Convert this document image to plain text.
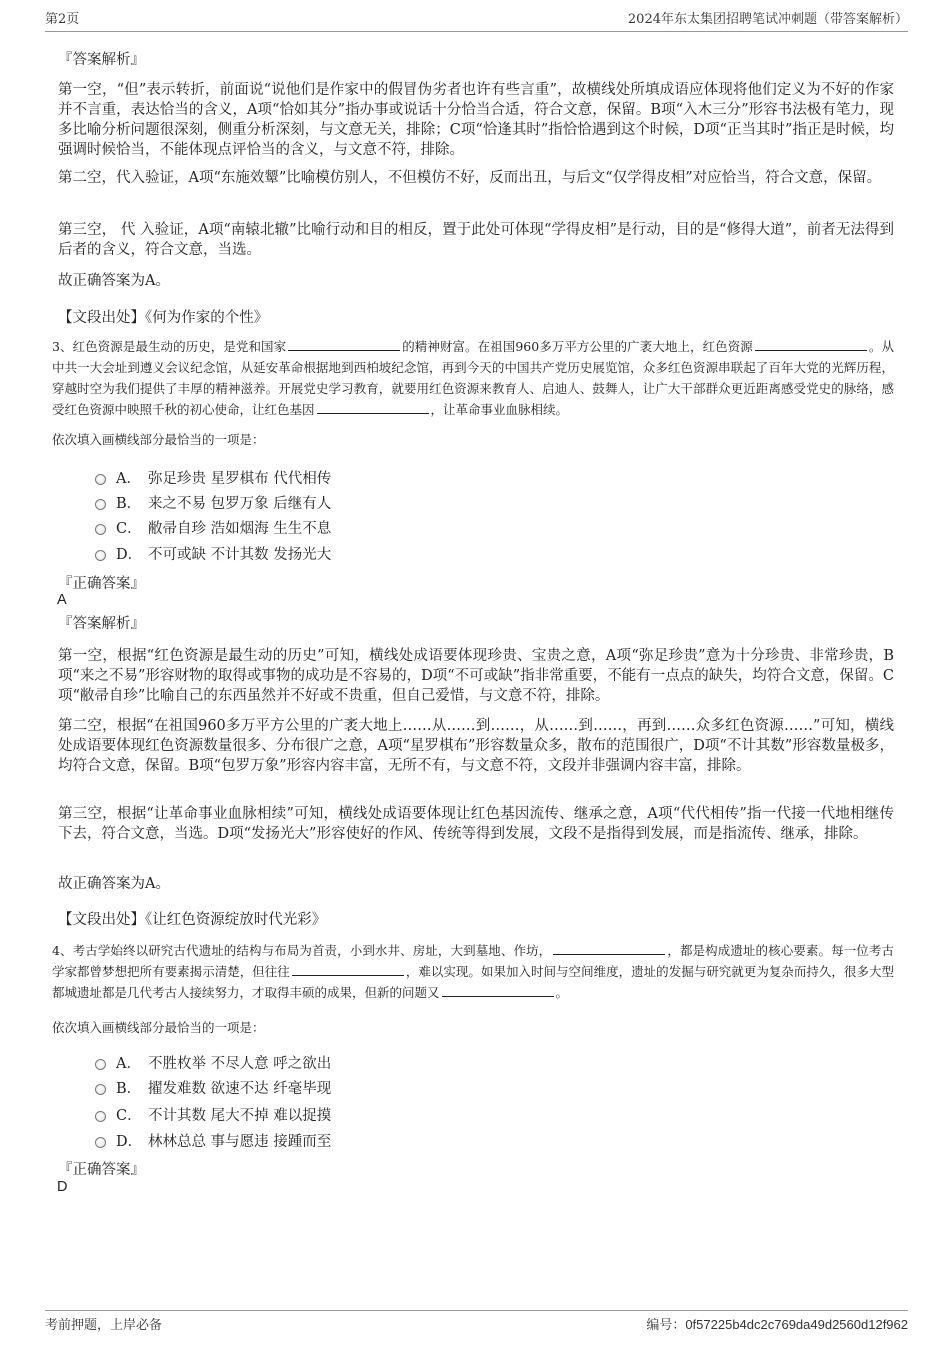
第2页	2024年东太集团招聘笔试冲刺题（带答案解析）
『答案解析』

第一空，“但”表示转折，前面说“说他们是作家中的假冒伪劣者也许有些言重”，故横线处所填成语应体现将他们定义为不好的作家并不言重，表达恰当的含义，A项“恰如其分”指办事或说话十分恰当合适，符合文意，保留。B项“入木三分”形容书法极有笔力，现多比喻分析问题很深刻，侧重分析深刻，与文意无关，排除；C项“恰逢其时”指恰恰遇到这个时候，D项“正当其时”指正是时候，均强调时候恰当，不能体现点评恰当的含义，与文意不符，排除。

第二空，代入验证，A项“东施效颦”比喻模仿别人，不但模仿不好，反而出丑，与后文“仅学得皮相”对应恰当，符合文意，保留。

第三空， 代 入验证，A项“南辕北辙”比喻行动和目的相反，置于此处可体现“学得皮相”是行动，目的是“修得大道”，前者无法得到后者的含义，符合文意，当选。

故正确答案为A。

【文段出处】《何为作家的个性》

3、红色资源是最生动的历史，是党和国家	的精神财富。在祖国960多万平方公里的广袤大地上，红色资源	。从中共一大会址到遵义会议纪念馆，从延安革命根据地到西柏坡纪念馆，再到今天的中国共产党历史展览馆，众多红色资源串联起了百年大党的光辉历程，穿越时空为我们提供了丰厚的精神滋养。开展党史学习教育，就要用红色资源来教育人、启迪人、鼓舞人，让广大干部群众更近距离感受党史的脉络，感受红色资源中映照千秋的初心使命，让红色基因	，让革命事业血脉相续。

依次填入画横线部分最恰当的一项是：
A． 弥足珍贵 星罗棋布 代代相传
B． 来之不易 包罗万象 后继有人
C． 敝帚自珍 浩如烟海 生生不息
D． 不可或缺 不计其数 发扬光大
『正确答案』
A
『答案解析』

第一空，根据“红色资源是最生动的历史”可知，横线处成语要体现珍贵、宝贵之意，A项“弥足珍贵”意为十分珍贵、非常珍贵，B项“来之不易”形容财物的取得或事物的成功是不容易的，D项“不可或缺”指非常重要，不能有一点点的缺失，均符合文意，保留。C项“敝帚自珍”比喻自己的东西虽然并不好或不贵重，但自己爱惜，与文意不符，排除。

第二空，根据“在祖国960多万平方公里的广袤大地上……从……到……，从……到……，再到……众多红色资源……”可知，横线处成语要体现红色资源数量很多、分布很广之意，A项“星罗棋布”形容数量众多，散布的范围很广，D项“不计其数”形容数量极多，均符合文意，保留。B项“包罗万象”形容内容丰富，无所不有，与文意不符，文段并非强调内容丰富，排除。

第三空，根据“让革命事业血脉相续”可知，横线处成语要体现让红色基因流传、继承之意，A项“代代相传”指一代接一代地相继传下去，符合文意，当选。D项“发扬光大”形容使好的作风、传统等得到发展，文段不是指得到发展，而是指流传、继承，排除。

故正确答案为A。

【文段出处】《让红色资源绽放时代光彩》

4、考古学始终以研究古代遗址的结构与布局为首责，小到水井、房址，大到墓地、作坊，	，都是构成遗址的核心要素。每一位考古学家都曾梦想把所有要素揭示清楚，但往往	，难以实现。如果加入时间与空间维度，遗址的发掘与研究就更为复杂而持久，很多大型都城遗址都是几代考古人接续努力，才取得丰硕的成果，但新的问题又	。

依次填入画横线部分最恰当的一项是：
A． 不胜枚举 不尽人意 呼之欲出
B． 擢发难数 欲速不达 纤毫毕现
C． 不计其数 尾大不掉 难以捉摸
D． 林林总总 事与愿违 接踵而至
『正确答案』
D
考前押题，上岸必备	编号：0f57225b4dc2c769da49d2560d12f962
